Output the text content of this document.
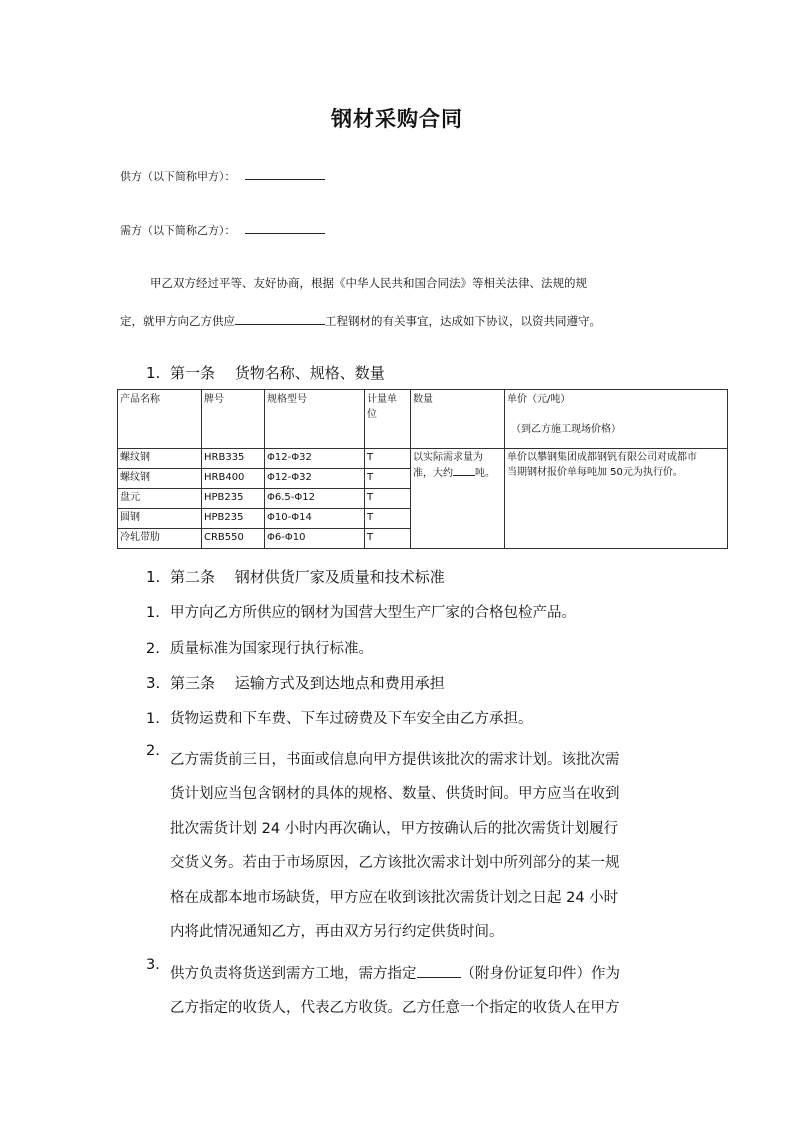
钢材采购合同
供方（以下简称甲方）：
需方（以下简称乙方）：
甲乙双方经过平等、友好协商，根据《中华人民共和国合同法》等相关法律、法规的规
定，就甲方向乙方供应	工程钢材的有关事宜，达成如下协议，以资共同遵守。
1. 第一条　 货物名称、规格、数量
产品名称	牌号	规格型号	计量单
位	数量	单价（元/吨）

（到乙方施工现场价格）
螺纹钢	HRB335	Φ12-Φ32	T	以实际需求量为
准，大约 吨。	单价以攀钢集团成都钢钒有限公司对成都市
当期钢材报价单每吨加 50元为执行价。
螺纹钢	HRB400	Φ12-Φ32	T		
盘元	HPB235	Φ6.5-Φ12	T		
圆钢	HPB235	Φ10-Φ14	T		
冷轧带肋	CRB550	Φ6-Φ10	T		
1. 第二条　 钢材供货厂家及质量和技术标准
1. 甲方向乙方所供应的钢材为国营大型生产厂家的合格包检产品。
2. 质量标准为国家现行执行标准。
3. 第三条　 运输方式及到达地点和费用承担
1. 货物运费和下车费、下车过磅费及下车安全由乙方承担。
2.
乙方需货前三日，书面或信息向甲方提供该批次的需求计划。该批次需
货计划应当包含钢材的具体的规格、数量、供货时间。甲方应当在收到
批次需货计划 24 小时内再次确认，甲方按确认后的批次需货计划履行
交货义务。若由于市场原因，乙方该批次需求计划中所列部分的某一规
格在成都本地市场缺货，甲方应在收到该批次需货计划之日起 24 小时
内将此情况通知乙方，再由双方另行约定供货时间。
3.
供方负责将货送到需方工地，需方指定	（附身份证复印件）作为
乙方指定的收货人，代表乙方收货。乙方任意一个指定的收货人在甲方
